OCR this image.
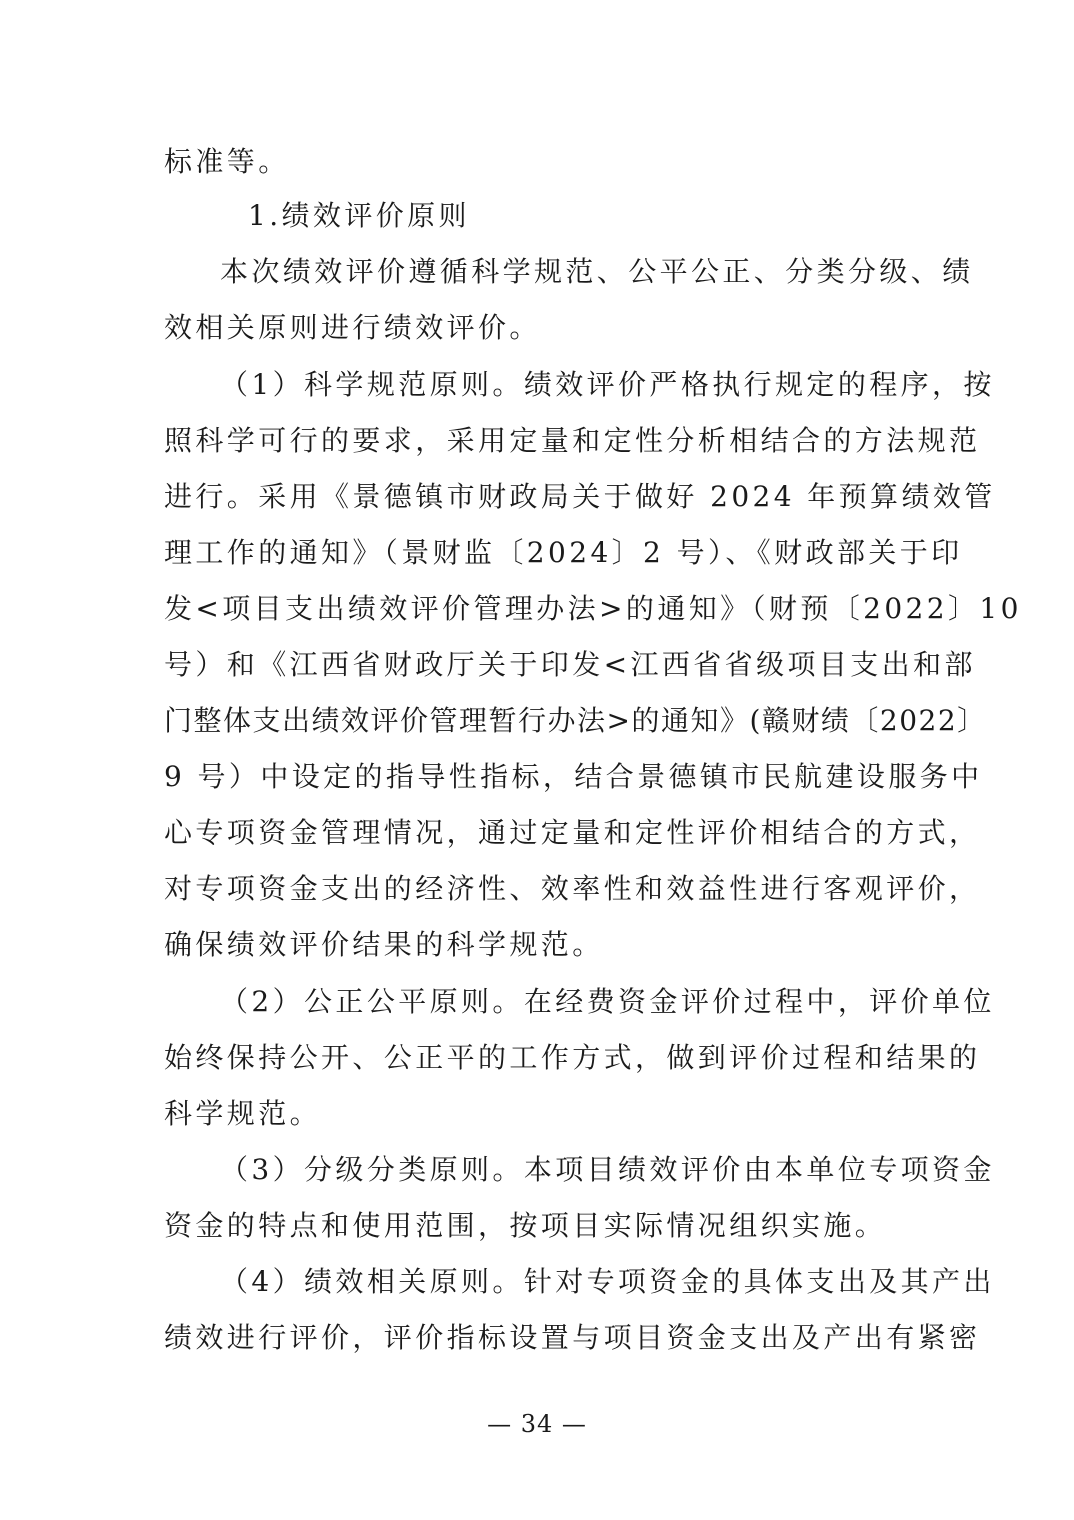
标准等。
1.绩效评价原则
本次绩效评价遵循科学规范、公平公正、分类分级、绩
效相关原则进行绩效评价。
（1）科学规范原则。绩效评价严格执行规定的程序，按
照科学可行的要求，采用定量和定性分析相结合的方法规范
进行。采用《景德镇市财政局关于做好 2024 年预算绩效管
理工作的通知》（景财监〔2024〕2 号）、《财政部关于印
发<项目支出绩效评价管理办法>的通知》（财预〔2022〕10
号）和《江西省财政厅关于印发<江西省省级项目支出和部
门整体支出绩效评价管理暂行办法>的通知》(赣财绩〔2022〕
9 号）中设定的指导性指标，结合景德镇市民航建设服务中
心专项资金管理情况，通过定量和定性评价相结合的方式，
对专项资金支出的经济性、效率性和效益性进行客观评价，
确保绩效评价结果的科学规范。
（2）公正公平原则。在经费资金评价过程中，评价单位
始终保持公开、公正平的工作方式，做到评价过程和结果的
科学规范。
（3）分级分类原则。本项目绩效评价由本单位专项资金
资金的特点和使用范围，按项目实际情况组织实施。
（4）绩效相关原则。针对专项资金的具体支出及其产出
绩效进行评价，评价指标设置与项目资金支出及产出有紧密
— 34 —
